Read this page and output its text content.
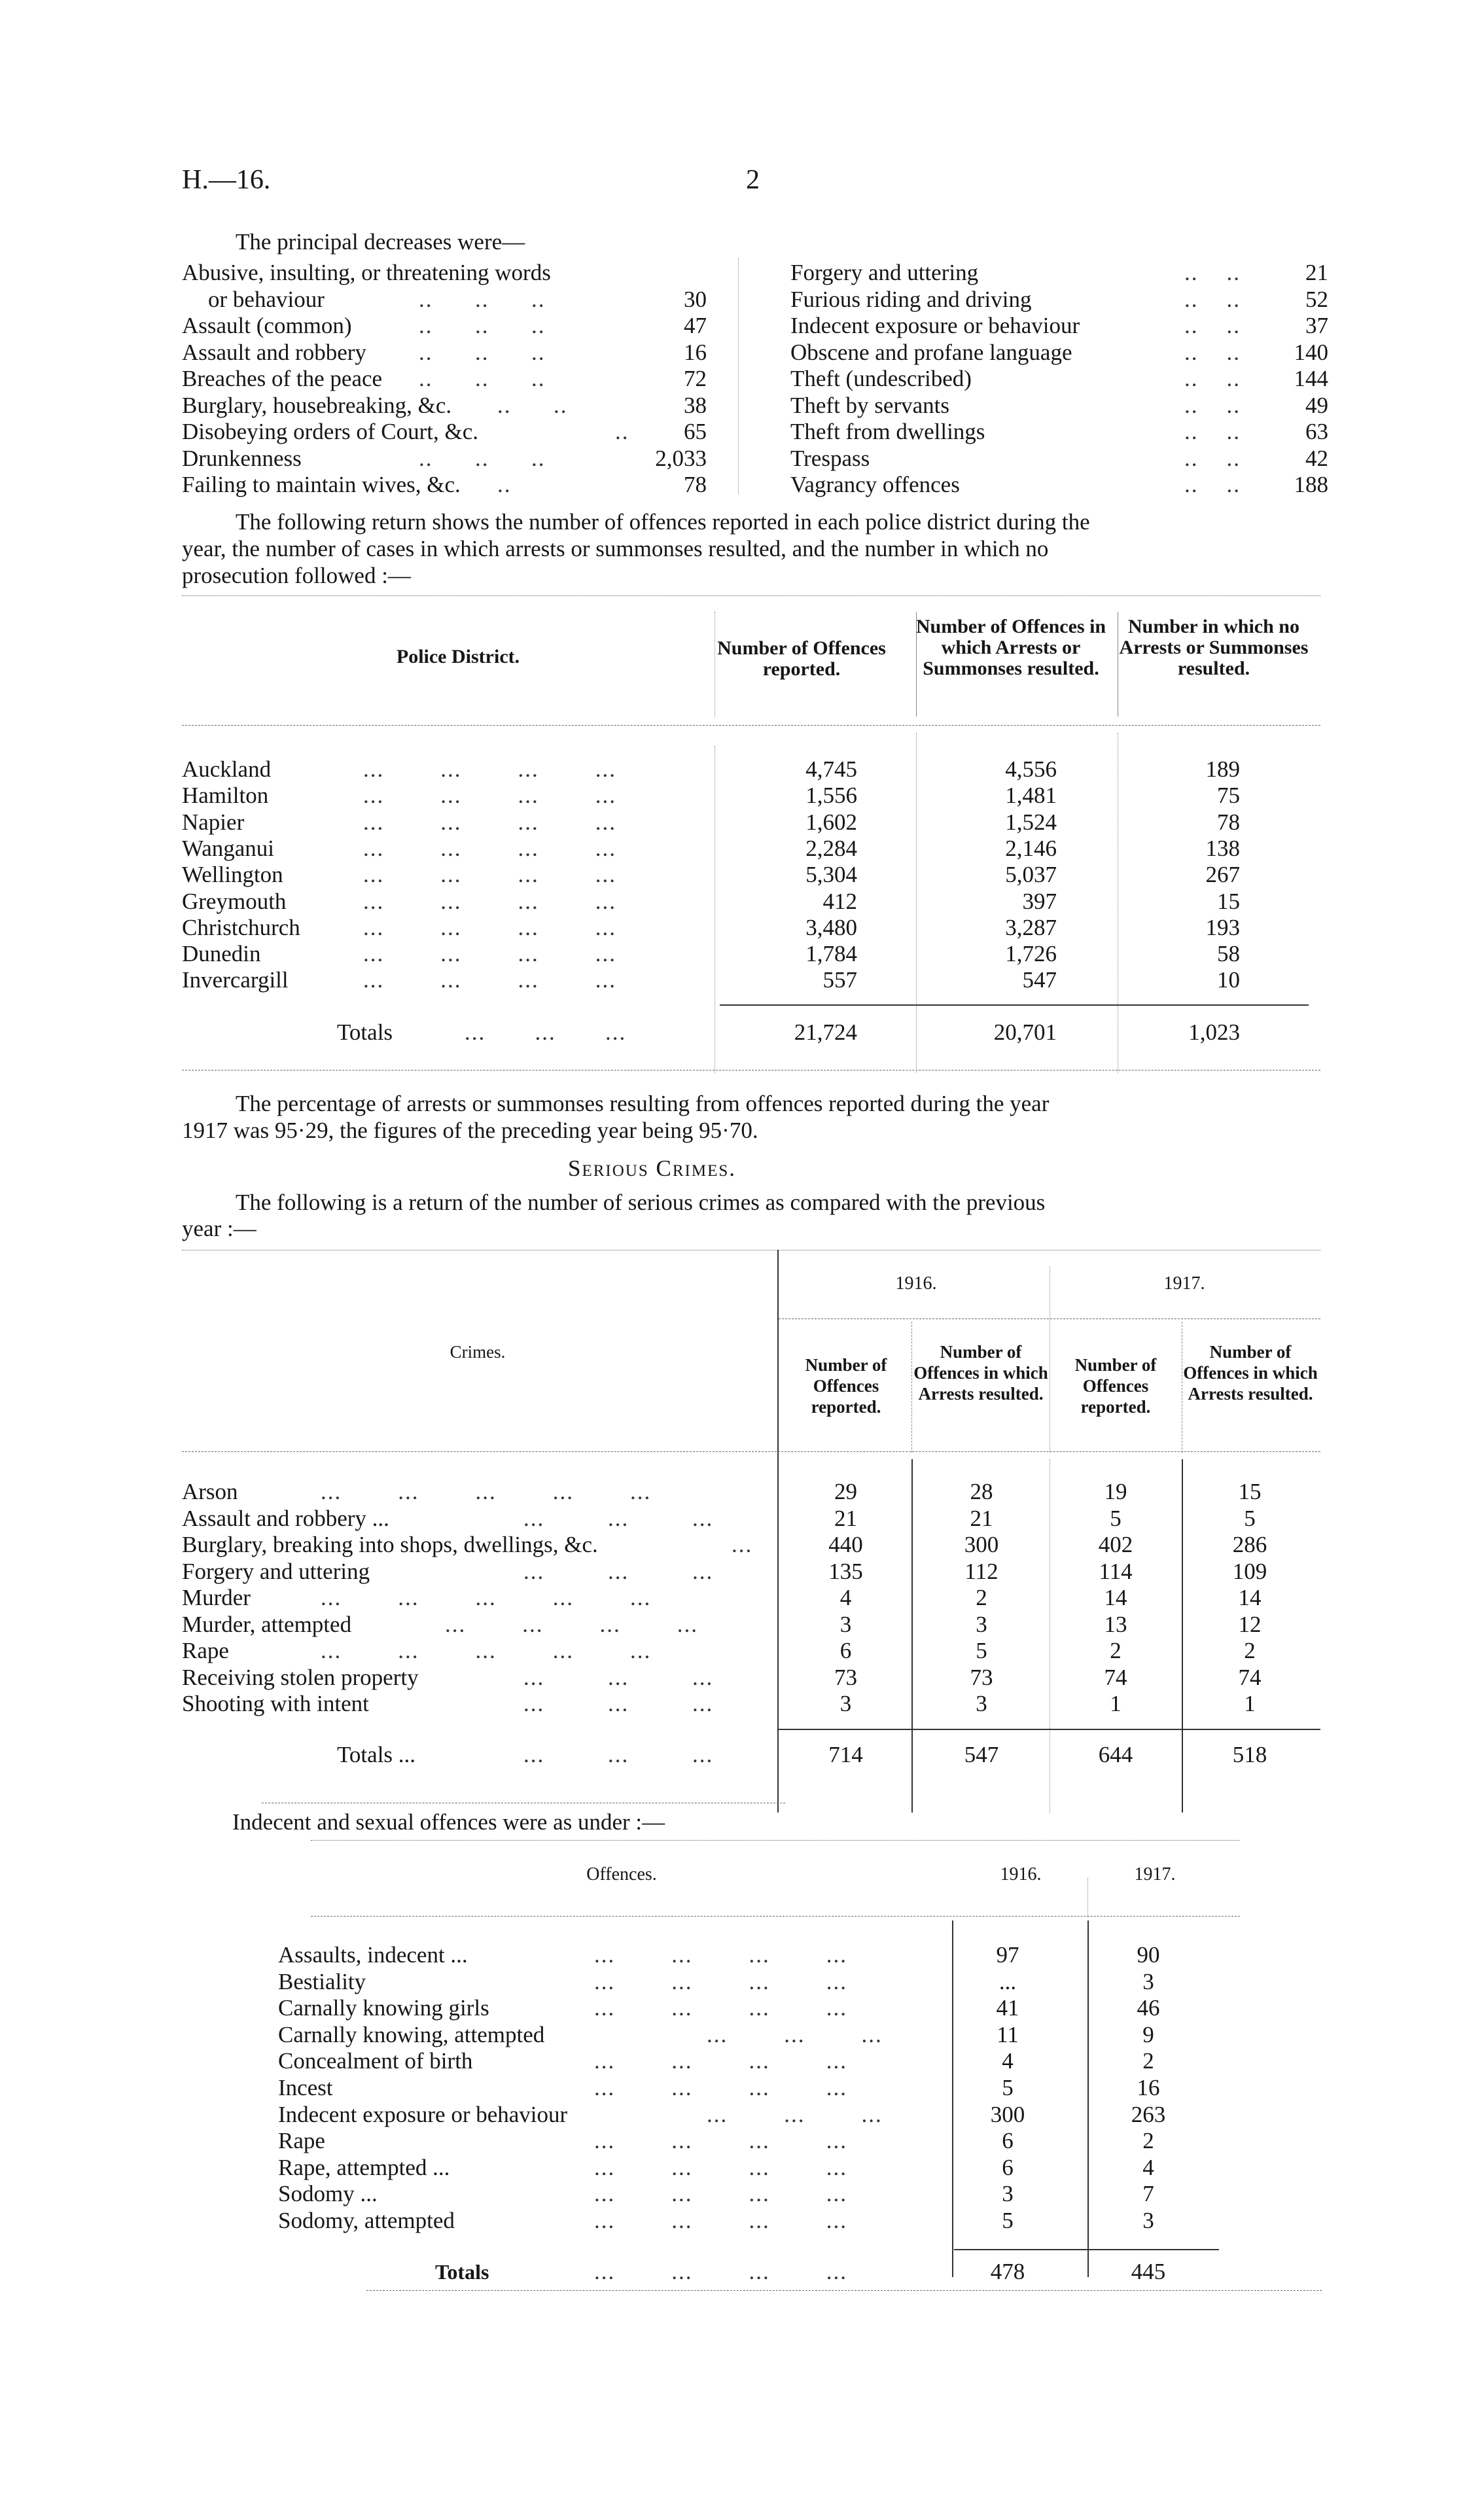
H.—16.	2
The principal decreases were—
Abusive, insulting, or threatening words
or behaviour	..      ..      ..	30
Assault (common)	..      ..      ..	47
Assault and robbery ..      ..      ..	16
Breaches of the peace ..      ..      ..	72
Burglary, housebreaking, &c. ..      ..	38
Disobeying orders of Court, &c.	..	65
Drunkenness	..      ..      ..	2,033
Failing to maintain wives, &c. ..	78
Forgery and uttering	..    ..	21
Furious riding and driving	..    ..	52
Indecent exposure or behaviour	..    ..	37
Obscene and profane language	..    ..	140
Theft (undescribed)	..    ..	144
Theft by servants	..    ..	49
Theft from dwellings	..    ..	63
Trespass	..    ..	42
Vagrancy offences	..    ..	188
The following return shows the number of offences reported in each police district during the
year, the number of cases in which arrests or summonses resulted, and the number in which no
prosecution followed :—
Police District.	Number of Offences reported.
Number of Offences in which Arrests or Summonses resulted.
Number in which no Arrests or Summonses resulted.
Auckland	...        ...        ...        ...	4,745	4,556	189
Hamilton	...        ...        ...        ...	1,556	1,481	75
Napier	...        ...        ...        ...	1,602	1,524	78
Wanganui	...        ...        ...        ...	2,284	2,146	138
Wellington	...        ...        ...        ...	5,304	5,037	267
Greymouth	...        ...        ...        ...	412	397	15
Christchurch	...        ...        ...        ...	3,480	3,287	193
Dunedin	...        ...        ...        ...	1,784	1,726	58
Invercargill	...        ...        ...        ...	557	547	10
Totals	...       ...       ...	21,724	20,701	1,023
The percentage of arrests or summonses resulting from offences reported during the year
1917 was 95·29, the figures of the preceding year being 95·70.
Serious Crimes.
The following is a return of the number of serious crimes as compared with the previous
year :—
1916.	1917.
Crimes.
Number of Offences reported.
Number of Offences in which Arrests resulted.
Number of Offences reported.
Number of Offences in which Arrests resulted.
Arson	...        ...        ...        ...        ...	29	28	19	15
Assault and robbery ...	...         ...         ...	21	21	5	5
Burglary, breaking into shops, dwellings, &c.	...	440	300	402	286
Forgery and uttering	...         ...         ...	135	112	114	109
Murder	...        ...        ...        ...        ...	4	2	14	14
Murder, attempted	...        ...        ...        ...	3	3	13	12
Rape	...        ...        ...        ...        ...	6	5	2	2
Receiving stolen property	...         ...         ...	73	73	74	74
Shooting with intent	...         ...         ...	3	3	1	1
Totals ...	...         ...         ...	714	547	644	518
Indecent and sexual offences were as under :—
Offences.	1916.	1917.
Assaults, indecent ...	...        ...        ...        ...	97	90
Bestiality	...        ...        ...        ...	...	3
Carnally knowing girls	...        ...        ...        ...	41	46
Carnally knowing, attempted	...        ...        ...	11	9
Concealment of birth	...        ...        ...        ...	4	2
Incest	...        ...        ...        ...	5	16
Indecent exposure or behaviour	...        ...        ...	300	263
Rape	...        ...        ...        ...	6	2
Rape, attempted ...	...        ...        ...        ...	6	4
Sodomy ...	...        ...        ...        ...	3	7
Sodomy, attempted	...        ...        ...        ...	5	3
Totals	...        ...        ...        ...	478	445
